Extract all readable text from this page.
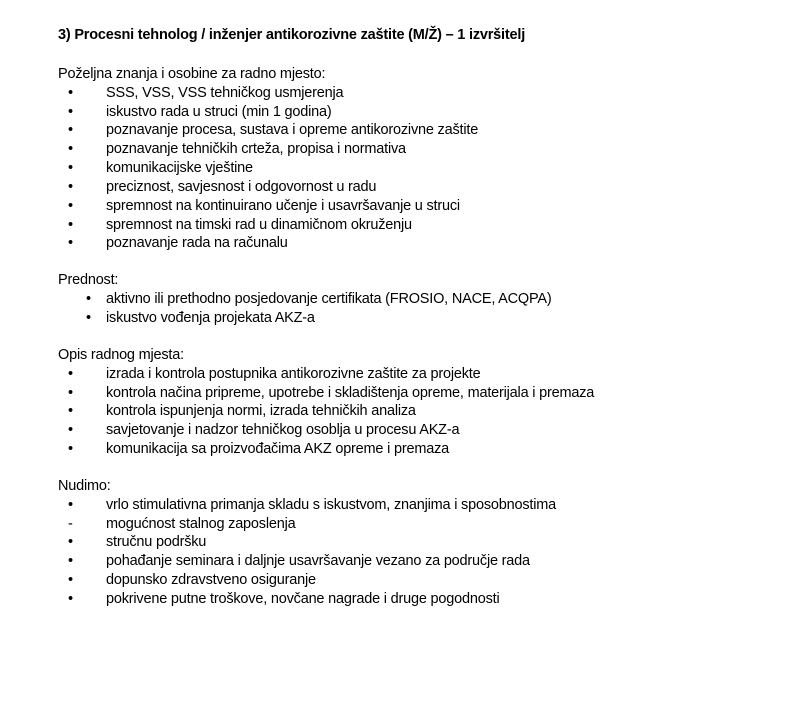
3) Procesni tehnolog / inženjer antikorozivne zaštite (M/Ž) – 1 izvršitelj

Poželjna znanja i osobine za radno mjesto:

• SSS, VSS, VSS tehničkog usmjerenja
• iskustvo rada u struci (min 1 godina)
• poznavanje procesa, sustava i opreme antikorozivne zaštite
• poznavanje tehničkih crteža, propisa i normativa
• komunikacijske vještine
• preciznost, savjesnost i odgovornost u radu
• spremnost na kontinuirano učenje i usavršavanje u struci
• spremnost na timski rad u dinamičnom okruženju
• poznavanje rada na računalu

Prednost:

• aktivno ili prethodno posjedovanje certifikata (FROSIO, NACE, ACQPA)
• iskustvo vođenja projekata AKZ-a

Opis radnog mjesta:

• izrada i kontrola postupnika antikorozivne zaštite za projekte
• kontrola načina pripreme, upotrebe i skladištenja opreme, materijala i premaza
• kontrola ispunjenja normi, izrada tehničkih analiza
• savjetovanje i nadzor tehničkog osoblja u procesu AKZ-a
• komunikacija sa proizvođačima AKZ opreme i premaza

Nudimo:

• vrlo stimulativna primanja skladu s iskustvom, znanjima i sposobnostima
- mogućnost stalnog zaposlenja
• stručnu podršku
• pohađanje seminara i daljnje usavršavanje vezano za područje rada
• dopunsko zdravstveno osiguranje
• pokrivene putne troškove, novčane nagrade i druge pogodnosti
